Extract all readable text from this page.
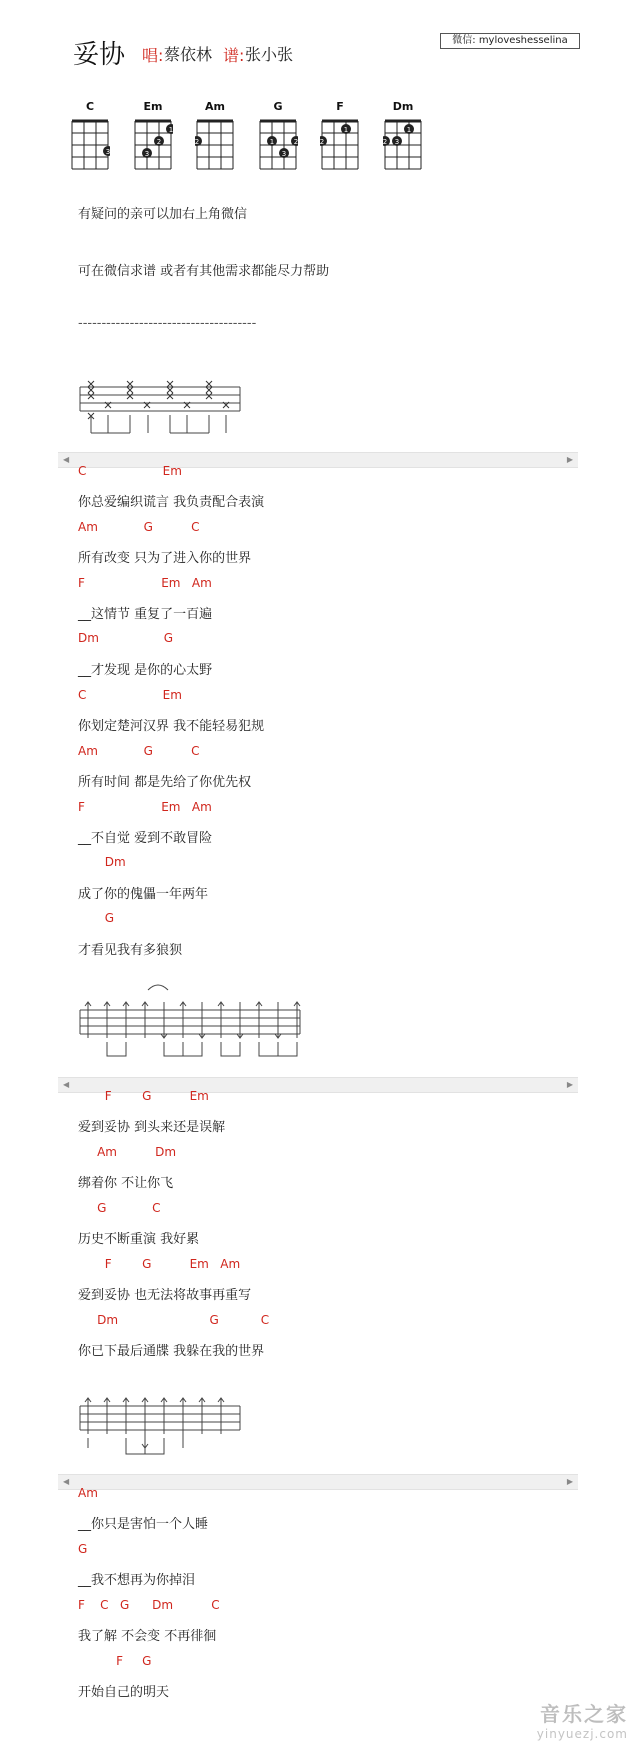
妥协 唱: 蔡依林 谱: 张小张
微信: myloveshesselina
C
3
Em
1
2
3
Am
2
G
1	2
3
F
1
2
Dm
1
2 3
有疑问的亲可以加右上角微信
可在微信求谱 或者有其他需求都能尽力帮助
--------------------------------------
◀	▶
C                    Em
你总爱编织谎言 我负责配合表演
Am            G          C
所有改变 只为了进入你的世界
F                    Em   Am
__这情节 重复了一百遍
Dm                 G
__才发现 是你的心太野
C                    Em
你划定楚河汉界 我不能轻易犯规
Am            G          C
所有时间 都是先给了你优先权
F                    Em   Am
__不自觉 爱到不敢冒险
Dm
成了你的傀儡一年两年
G
才看见我有多狼狈
◀	▶
F        G          Em
爱到妥协 到头来还是误解
Am          Dm
绑着你 不让你飞
G            C
历史不断重演 我好累
F        G          Em   Am
爱到妥协 也无法将故事再重写
Dm                        G           C
你已下最后通牒 我躲在我的世界
◀	▶
Am
__你只是害怕一个人睡
G
__我不想再为你掉泪
F    C   G      Dm          C
我了解 不会变 不再徘徊
F     G
开始自己的明天
音乐之家
yinyuezj.com
